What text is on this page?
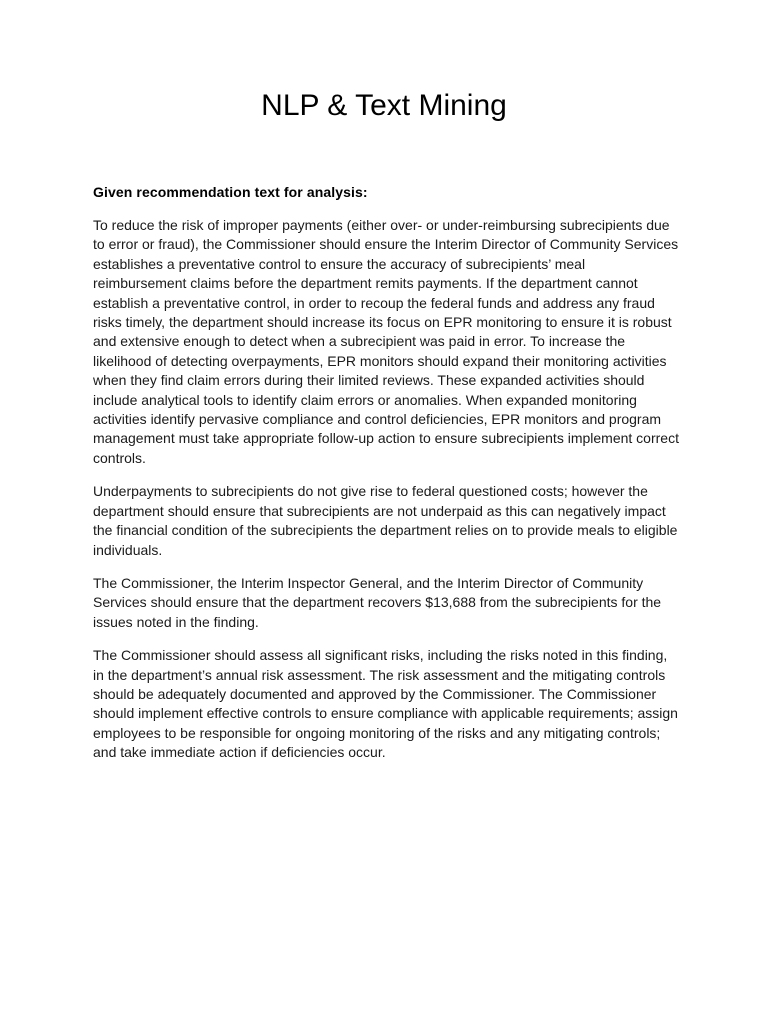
NLP & Text Mining

Given recommendation text for analysis:

To reduce the risk of improper payments (either over- or under-reimbursing subrecipients due to error or fraud), the Commissioner should ensure the Interim Director of Community Services establishes a preventative control to ensure the accuracy of subrecipients’ meal reimbursement claims before the department remits payments. If the department cannot establish a preventative control, in order to recoup the federal funds and address any fraud risks timely, the department should increase its focus on EPR monitoring to ensure it is robust and extensive enough to detect when a subrecipient was paid in error. To increase the likelihood of detecting overpayments, EPR monitors should expand their monitoring activities when they find claim errors during their limited reviews. These expanded activities should include analytical tools to identify claim errors or anomalies. When expanded monitoring activities identify pervasive compliance and control deficiencies, EPR monitors and program management must take appropriate follow-up action to ensure subrecipients implement correct controls.

Underpayments to subrecipients do not give rise to federal questioned costs; however the department should ensure that subrecipients are not underpaid as this can negatively impact the financial condition of the subrecipients the department relies on to provide meals to eligible individuals.

The Commissioner, the Interim Inspector General, and the Interim Director of Community Services should ensure that the department recovers $13,688 from the subrecipients for the issues noted in the finding.

The Commissioner should assess all significant risks, including the risks noted in this finding, in the department’s annual risk assessment. The risk assessment and the mitigating controls should be adequately documented and approved by the Commissioner. The Commissioner should implement effective controls to ensure compliance with applicable requirements; assign employees to be responsible for ongoing monitoring of the risks and any mitigating controls; and take immediate action if deficiencies occur.
